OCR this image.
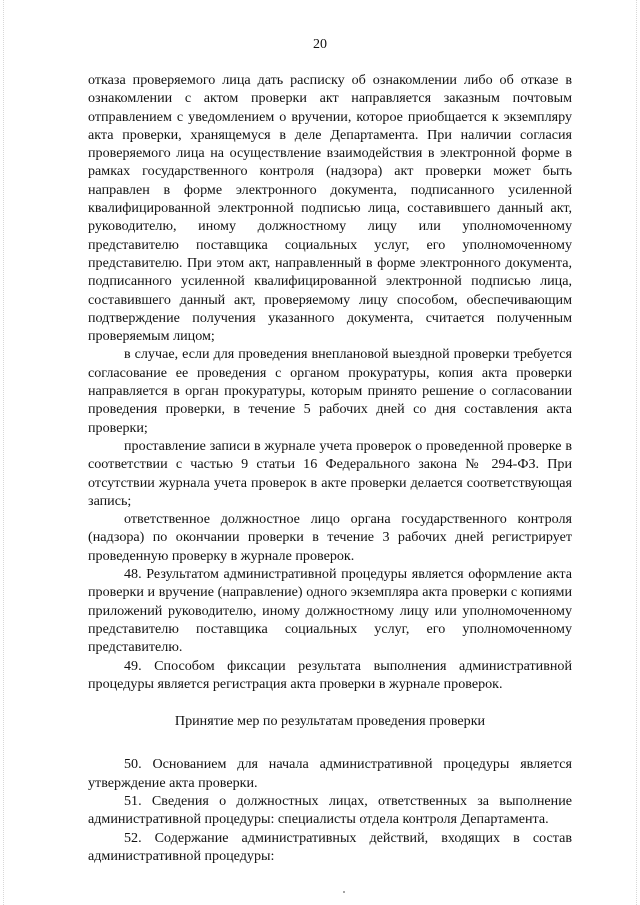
20

отказа проверяемого лица дать расписку об ознакомлении либо об отказе в ознакомлении с актом проверки акт направляется заказным почтовым отправлением с уведомлением о вручении, которое приобщается к экземпляру акта проверки, хранящемуся в деле Департамента. При наличии согласия проверяемого лица на осуществление взаимодействия в электронной форме в рамках государственного контроля (надзора) акт проверки может быть направлен в форме электронного документа, подписанного усиленной квалифицированной электронной подписью лица, составившего данный акт, руководителю, иному должностному лицу или уполномоченному представителю поставщика социальных услуг, его уполномоченному представителю. При этом акт, направленный в форме электронного документа, подписанного усиленной квалифицированной электронной подписью лица, составившего данный акт, проверяемому лицу способом, обеспечивающим подтверждение получения указанного документа, считается полученным проверяемым лицом;

в случае, если для проведения внеплановой выездной проверки требуется согласование ее проведения с органом прокуратуры, копия акта проверки направляется в орган прокуратуры, которым принято решение о согласовании проведения проверки, в течение 5 рабочих дней со дня составления акта проверки;

проставление записи в журнале учета проверок о проведенной проверке в соответствии с частью 9 статьи 16 Федерального закона № 294-ФЗ. При отсутствии журнала учета проверок в акте проверки делается соответствующая запись;

ответственное должностное лицо органа государственного контроля (надзора) по окончании проверки в течение 3 рабочих дней регистрирует проведенную проверку в журнале проверок.

48. Результатом административной процедуры является оформление акта проверки и вручение (направление) одного экземпляра акта проверки с копиями приложений руководителю, иному должностному лицу или уполномоченному представителю поставщика социальных услуг, его уполномоченному представителю.

49. Способом фиксации результата выполнения административной процедуры является регистрация акта проверки в журнале проверок.

Принятие мер по результатам проведения проверки

50. Основанием для начала административной процедуры является утверждение акта проверки.

51. Сведения о должностных лицах, ответственных за выполнение административной процедуры: специалисты отдела контроля Департамента.

52. Содержание административных действий, входящих в состав административной процедуры:
